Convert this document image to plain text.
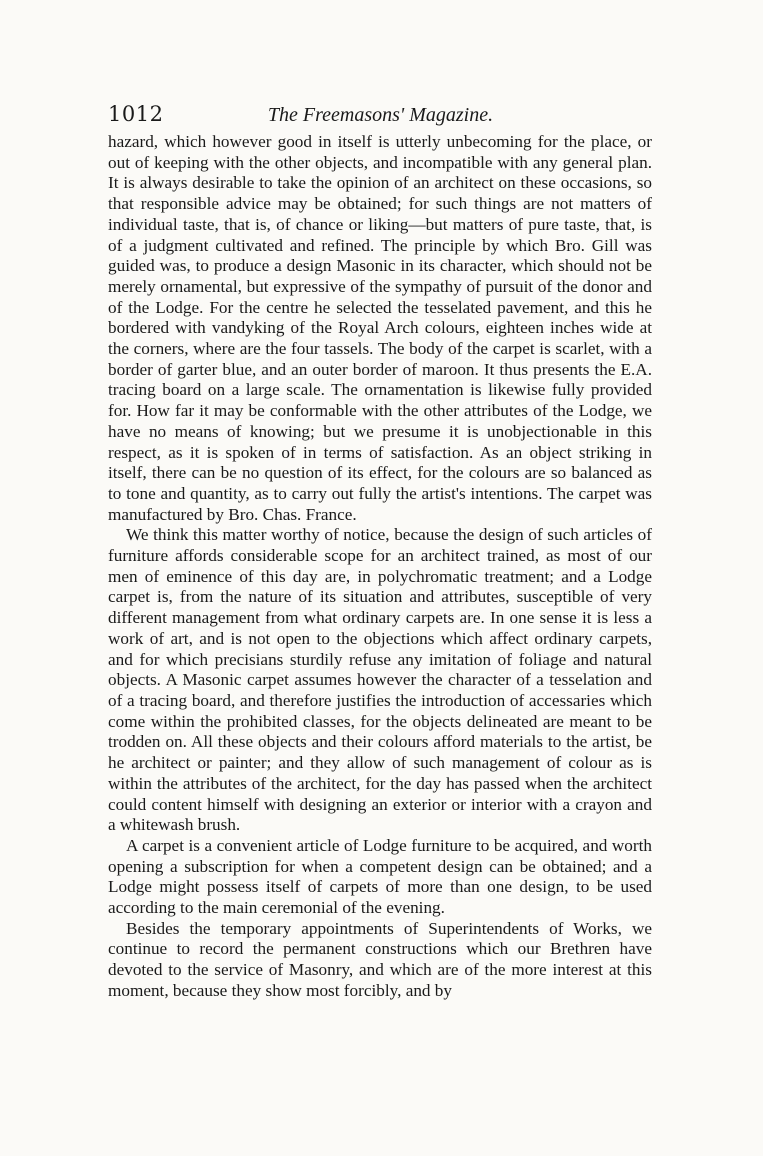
1012	The Freemasons' Magazine.

hazard, which however good in itself is utterly unbecoming for the place, or out of keeping with the other objects, and incompatible with any general plan. It is always desirable to take the opinion of an architect on these occasions, so that responsible advice may be obtained; for such things are not matters of individual taste, that is, of chance or liking—but matters of pure taste, that, is of a judgment cultivated and refined. The principle by which Bro. Gill was guided was, to produce a design Masonic in its character, which should not be merely ornamental, but expressive of the sympathy of pursuit of the donor and of the Lodge. For the centre he selected the tesselated pavement, and this he bordered with vandyking of the Royal Arch colours, eighteen inches wide at the corners, where are the four tassels. The body of the carpet is scarlet, with a border of garter blue, and an outer border of maroon. It thus presents the E.A. tracing board on a large scale. The ornamentation is likewise fully provided for. How far it may be conformable with the other attributes of the Lodge, we have no means of knowing; but we presume it is unobjectionable in this respect, as it is spoken of in terms of satisfaction. As an object striking in itself, there can be no question of its effect, for the colours are so balanced as to tone and quantity, as to carry out fully the artist's intentions. The carpet was manufactured by Bro. Chas. France.

We think this matter worthy of notice, because the design of such articles of furniture affords considerable scope for an architect trained, as most of our men of eminence of this day are, in polychromatic treatment; and a Lodge carpet is, from the nature of its situation and attributes, susceptible of very different management from what ordinary carpets are. In one sense it is less a work of art, and is not open to the objections which affect ordinary carpets, and for which precisians sturdily refuse any imitation of foliage and natural objects. A Masonic carpet assumes however the character of a tesselation and of a tracing board, and therefore justifies the introduction of accessaries which come within the prohibited classes, for the objects delineated are meant to be trodden on. All these objects and their colours afford materials to the artist, be he architect or painter; and they allow of such management of colour as is within the attributes of the architect, for the day has passed when the architect could content himself with designing an exterior or interior with a crayon and a whitewash brush.

A carpet is a convenient article of Lodge furniture to be acquired, and worth opening a subscription for when a competent design can be obtained; and a Lodge might possess itself of carpets of more than one design, to be used according to the main ceremonial of the evening.

Besides the temporary appointments of Superintendents of Works, we continue to record the permanent constructions which our Brethren have devoted to the service of Masonry, and which are of the more interest at this moment, because they show most forcibly, and by
